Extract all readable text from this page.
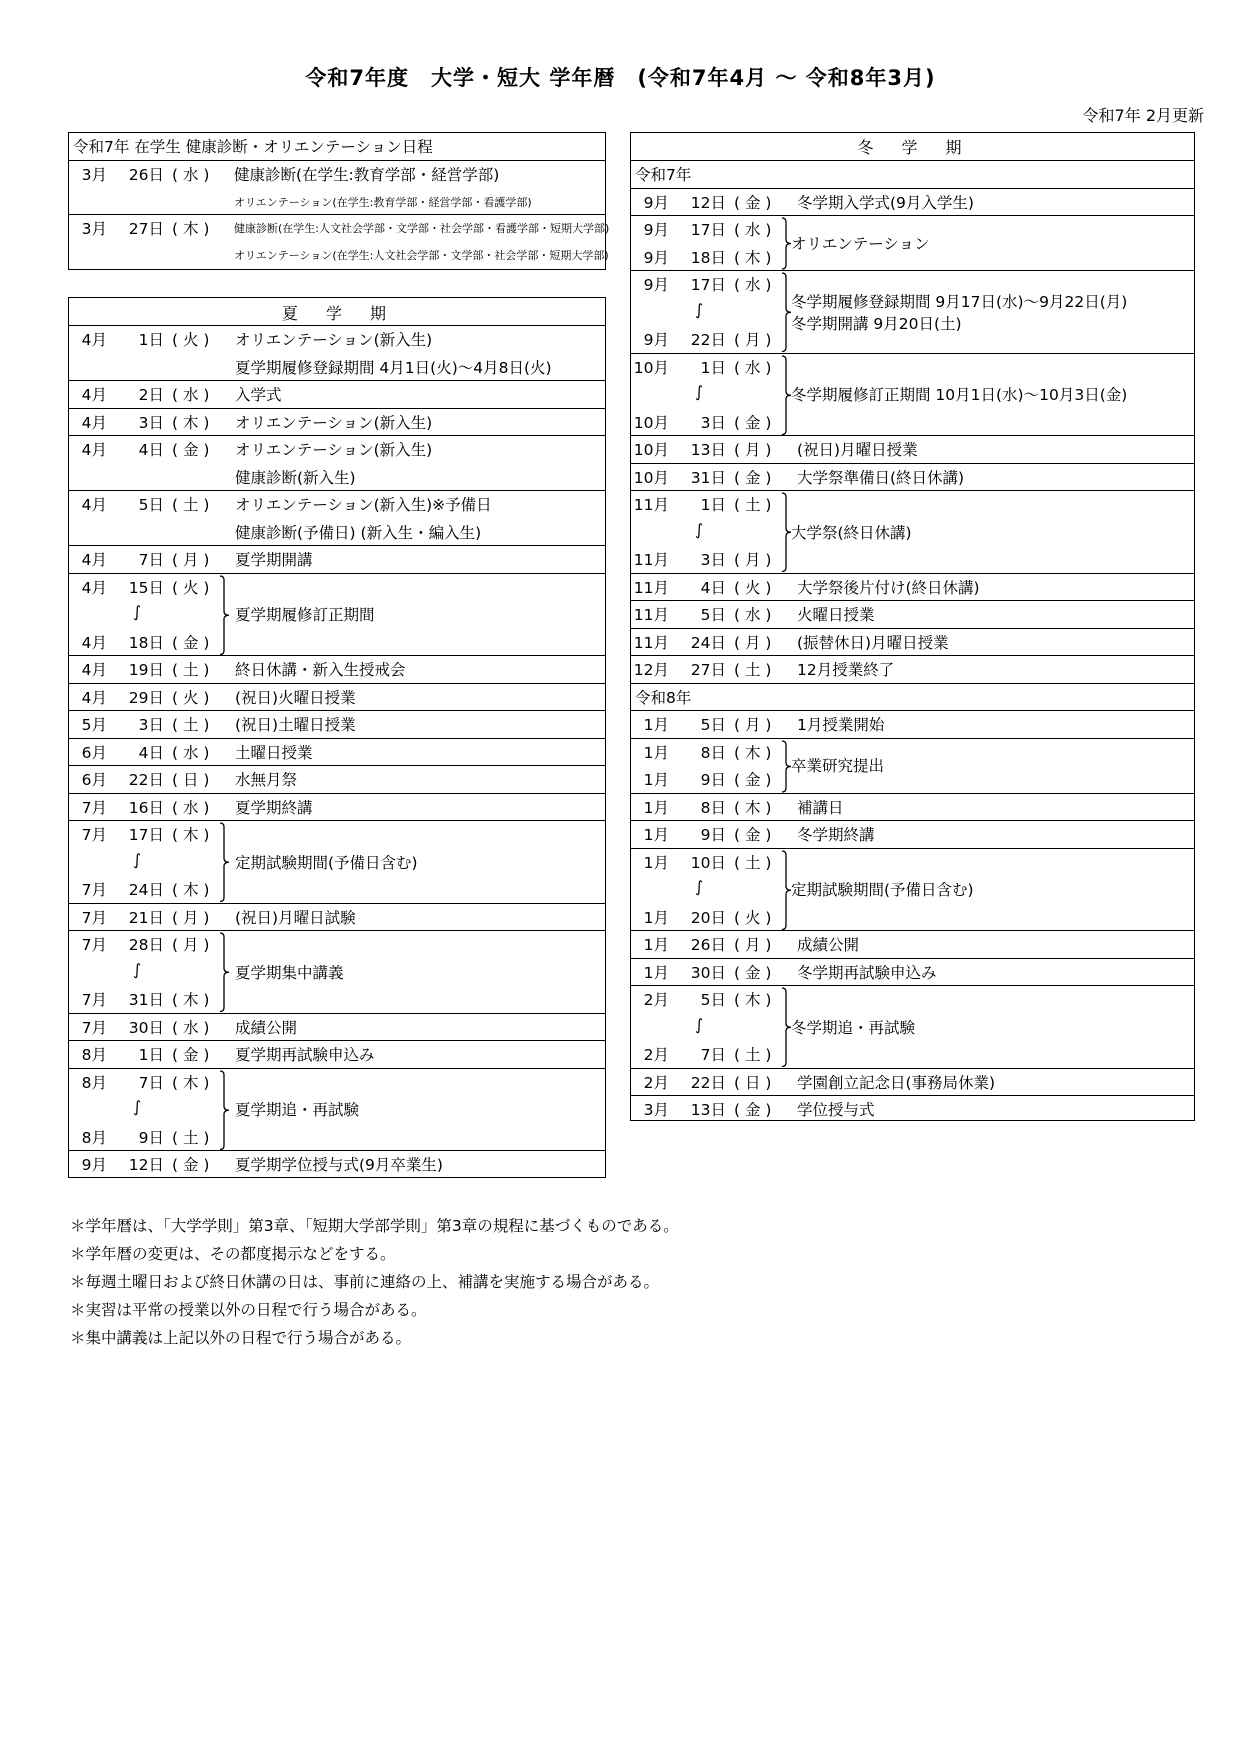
令和7年度　大学・短大 学年暦　(令和7年4月 ～ 令和8年3月)
令和7年 2月更新
令和7年 在学生 健康診断・オリエンテーション日程
3月	26日 ( 水 )	健康診断(在学生:教育学部・経営学部)
オリエンテーション(在学生:教育学部・経営学部・看護学部)
3月	27日 ( 木 )	健康診断(在学生:人文社会学部・文学部・社会学部・看護学部・短期大学部)
オリエンテーション(在学生:人文社会学部・文学部・社会学部・短期大学部)
夏　学　期
4月	1日 ( 火 )	オリエンテーション(新入生)
夏学期履修登録期間 4月1日(火)～4月8日(火)
4月	2日 ( 水 )	入学式
4月	3日 ( 木 )	オリエンテーション(新入生)
4月	4日 ( 金 )	オリエンテーション(新入生)
健康診断(新入生)
4月	5日 ( 土 )	オリエンテーション(新入生)※予備日
健康診断(予備日) (新入生・編入生)
4月	7日 ( 月 )	夏学期開講
4月	15日 ( 火 )
∫
4月	18日 ( 金 )
夏学期履修訂正期間
4月	19日 ( 土 )	終日休講・新入生授戒会
4月	29日 ( 火 )	(祝日)火曜日授業
5月	3日 ( 土 )	(祝日)土曜日授業
6月	4日 ( 水 )	土曜日授業
6月	22日 ( 日 )	水無月祭
7月	16日 ( 水 )	夏学期終講
7月	17日 ( 木 )
∫
7月	24日 ( 木 )
定期試験期間(予備日含む)
7月	21日 ( 月 )	(祝日)月曜日試験
7月	28日 ( 月 )
∫
7月	31日 ( 木 )
夏学期集中講義
7月	30日 ( 水 )	成績公開
8月	1日 ( 金 )	夏学期再試験申込み
8月	7日 ( 木 )
∫
8月	9日 ( 土 )
夏学期追・再試験
9月	12日 ( 金 )	夏学期学位授与式(9月卒業生)
冬　学　期
令和7年
9月	12日 ( 金 )	冬学期入学式(9月入学生)
9月	17日 ( 水 )
9月	18日 ( 木 )
オリエンテーション
9月	17日 ( 水 )
∫
9月	22日 ( 月 )
冬学期履修登録期間 9月17日(水)～9月22日(月)
冬学期開講 9月20日(土)
10月	1日 ( 水 )
∫
10月	3日 ( 金 )
冬学期履修訂正期間 10月1日(水)～10月3日(金)
10月	13日 ( 月 )	(祝日)月曜日授業
10月	31日 ( 金 )	大学祭準備日(終日休講)
11月	1日 ( 土 )
∫
11月	3日 ( 月 )
大学祭(終日休講)
11月	4日 ( 火 )	大学祭後片付け(終日休講)
11月	5日 ( 水 )	火曜日授業
11月	24日 ( 月 )	(振替休日)月曜日授業
12月	27日 ( 土 )	12月授業終了
令和8年
1月	5日 ( 月 )	1月授業開始
1月	8日 ( 木 )
1月	9日 ( 金 )
卒業研究提出
1月	8日 ( 木 )	補講日
1月	9日 ( 金 )	冬学期終講
1月	10日 ( 土 )
∫
1月	20日 ( 火 )
定期試験期間(予備日含む)
1月	26日 ( 月 )	成績公開
1月	30日 ( 金 )	冬学期再試験申込み
2月	5日 ( 木 )
∫
2月	7日 ( 土 )
冬学期追・再試験
2月	22日 ( 日 )	学園創立記念日(事務局休業)
3月	13日 ( 金 )	学位授与式
＊学年暦は、「大学学則」第3章、「短期大学部学則」第3章の規程に基づくものである。
＊学年暦の変更は、その都度掲示などをする。
＊毎週土曜日および終日休講の日は、事前に連絡の上、補講を実施する場合がある。
＊実習は平常の授業以外の日程で行う場合がある。
＊集中講義は上記以外の日程で行う場合がある。
